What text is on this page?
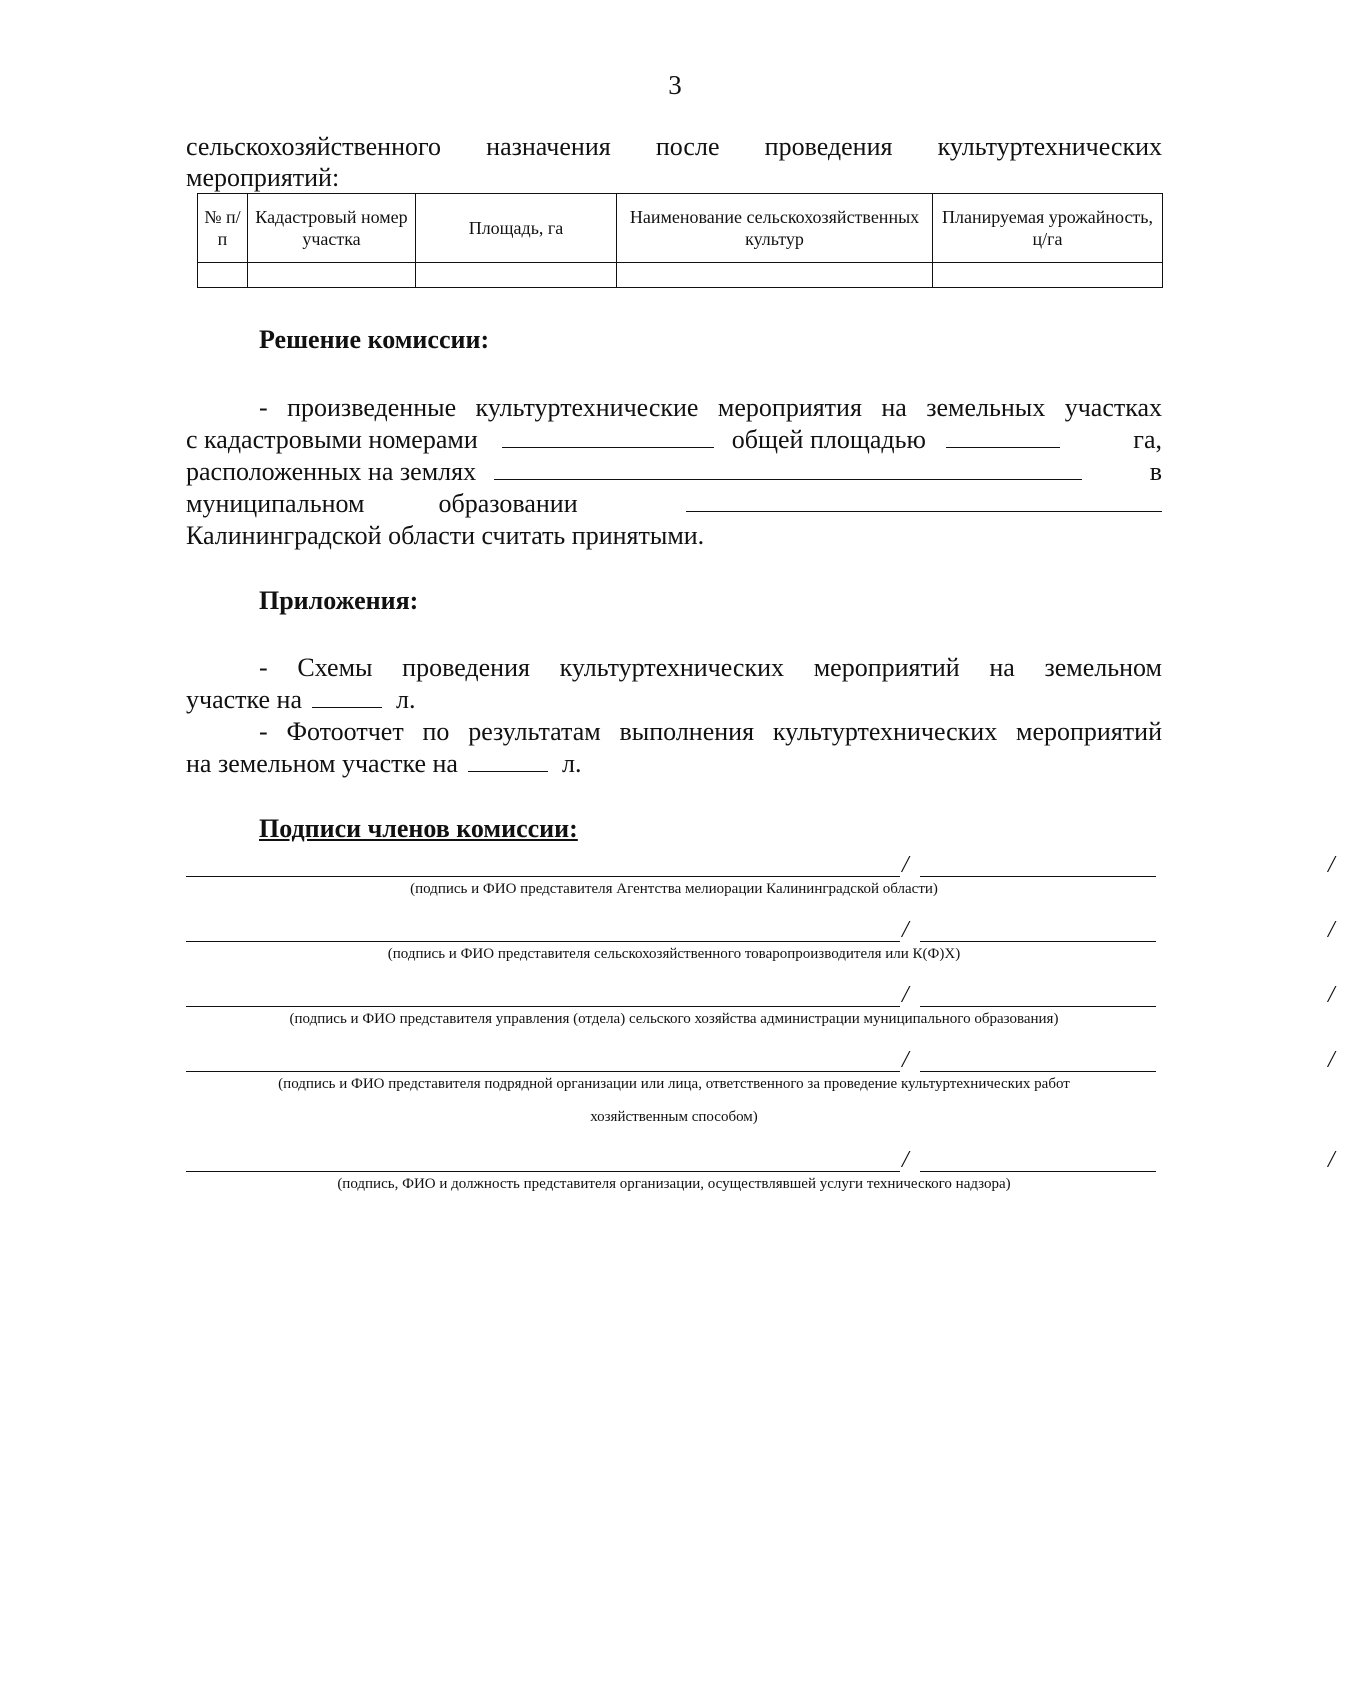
3
сельскохозяйственного назначения после проведения культуртехнических
мероприятий:
№ п/п	Кадастровый номер участка	Площадь, га	Наименование сельскохозяйственных культур	Планируемая урожайность, ц/га

Решение комиссии:
- произведенные культуртехнические мероприятия на земельных участках
с кадастровыми номерами	общей площадью	га,
расположенных на землях	в
муниципальном	образовании
Калининградской области считать принятыми.
Приложения:
- Схемы проведения культуртехнических мероприятий на земельном
участке на	л.
- Фотоотчет по результатам выполнения культуртехнических мероприятий
на земельном участке на	л.
Подписи членов комиссии:
/	/
(подпись и ФИО представителя Агентства мелиорации Калининградской области)
/	/
(подпись и ФИО представителя сельскохозяйственного товаропроизводителя или К(Ф)Х)
/	/
(подпись и ФИО представителя управления (отдела) сельского хозяйства администрации муниципального образования)
/	/
(подпись и ФИО представителя подрядной организации или лица, ответственного за проведение культуртехнических работ
хозяйственным способом)
/	/
(подпись, ФИО и должность представителя организации, осуществлявшей услуги технического надзора)
